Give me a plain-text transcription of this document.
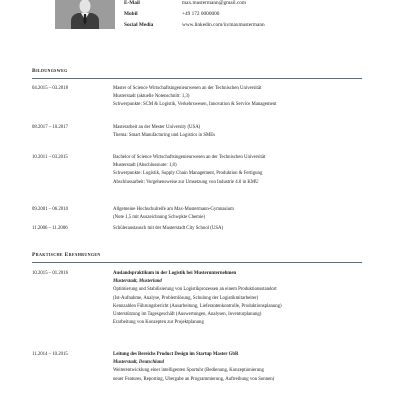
E-Mail	max.mustermann@gmail.com
Mobil	+49 172 0000000
Social Media	www.linkedin.com/in/maxmustermann
Bildungsweg
04.2015 – 03.2018	Master of Science Wirtschaftsingenieurwesen an der Technischen Universität
Musterstadt (aktuelle Notenschnitt: 1,3)
Schwerpunkte: SCM & Logistik, Verkehrswesen, Innovation & Service Management
08.2017 – 10.2017	Masterarbeit an der Mester University (USA)
Thema: Smart Manufacturing und Logistics in SMEs
10.2011 – 03.2015	Bachelor of Science Wirtschaftsingenieurwesen an der Technischen Universität
Musterstadt (Abschlussnote: 1,8)
Schwerpunkte: Logistik, Supply Chain Management, Produktion & Fertigung
Abschlussarbeit: Vorgehensweise zur Umsetzung von Industrie 4.0 in KMU
09.2001 – 06.2010	Allgemeine Hochschulreife am Max-Mustermann-Gymnasium
(Note 1,5 mit Auszeichnung Schwpkte Chemie)
11.2006 – 11.2006	Schüleraustausch mit der Musterstadt City School (USA)
Praktische Erfahrungen
10.2015 – 01.2016	Auslandspraktikum in der Logistik bei Musterunternehmen
Musterstadt, Musterland
Optimierung und Stabilisierung von Logistikprozessen an einem Produktionsstandort
(Ist-Aufnahme, Analyse, Problemlösung, Schulung der Logistikmitarbeiter)
Kennzahlen Führungsbericht (Ausarbeitung, Lieferantenkontrolle, Produktionsplanung)
Unterstützung im Tagesgeschäft (Auswertungen, Analysen, Inventurplanung)
Erarbeitung von Konzepten zur Projektplanung
11.2014 – 10.2015	Leitung des Bereichs Product Design im Startup Master GbR
Musterstadt, Deutschland
Weiterentwicklung einer intelligenten Sportuhr (Bedienung, Konzeptionierung
neuer Features, Reporting, Übergabe an Programmierung, Auftreibung von Sonnen)
